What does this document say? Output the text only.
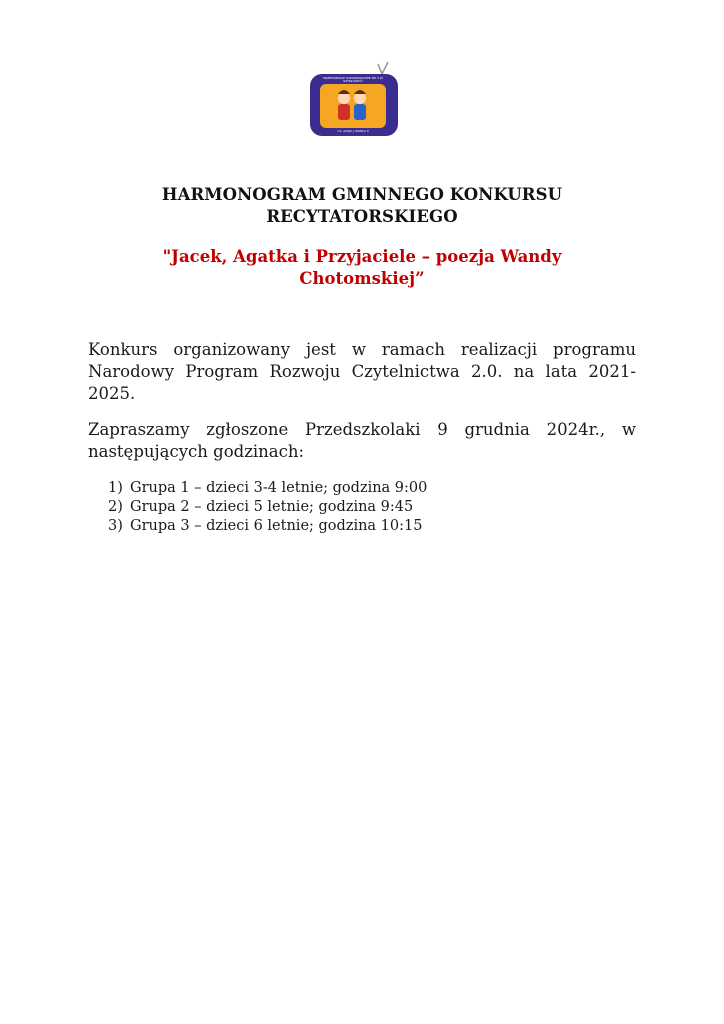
PRZEDSZKOLE SAMORZĄDOWE NR 3 W SZYDŁOWCU
UL. ALEJA J. PAWŁA II

HARMONOGRAM GMINNEGO KONKURSU
RECYTATORSKIEGO

"Jacek, Agatka i Przyjaciele – poezja Wandy
Chotomskiej”

Konkurs organizowany jest w ramach realizacji programu Narodowy Program Rozwoju Czytelnictwa 2.0. na lata 2021-2025.

Zapraszamy zgłoszone Przedszkolaki 9 grudnia 2024r., w następujących godzinach:

1) Grupa 1 – dzieci 3-4 letnie; godzina 9:00
2) Grupa 2 – dzieci 5 letnie; godzina 9:45
3) Grupa 3 – dzieci 6 letnie; godzina 10:15
